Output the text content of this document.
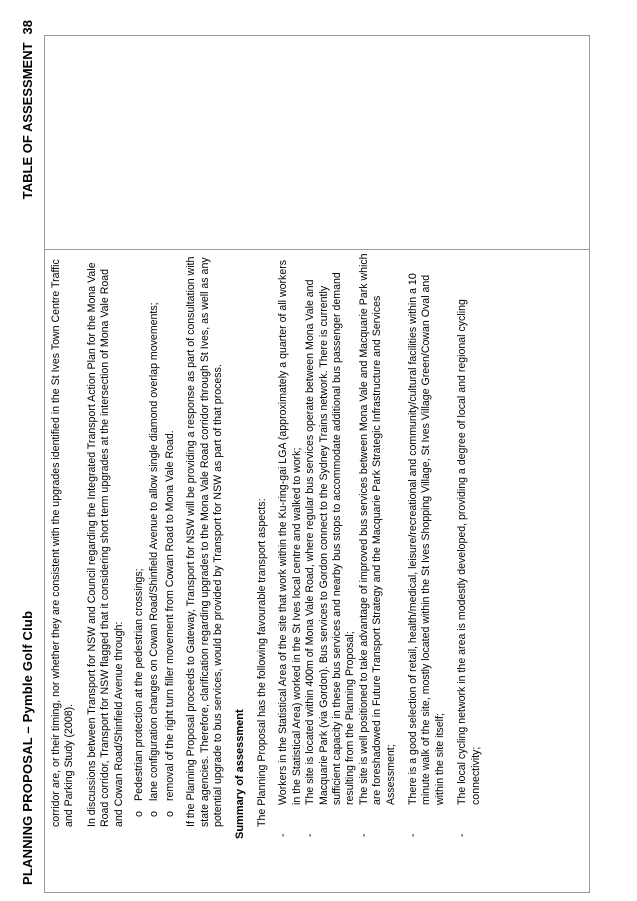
PLANNING PROPOSAL – Pymble Golf Club
TABLE OF ASSESSMENT38

corridor are, or their timing, nor whether they are consistent with the upgrades identified in the St Ives Town Centre Traffic and Parking Study (2008). In discussions between Transport for NSW and Council regarding the Integrated Transport Action Plan for the Mona Vale Road corridor, Transport for NSW flagged that it considering short term upgrades at the intersection of Mona Vale Road and Cowan Road/Shinfield Avenue through: o
Pedestrian protection at the pedestrian crossings;
o
lane configuration changes on Cowan Road/Shinfield Avenue to allow single diamond overlap movements;
o
removal of the right turn filler movement from Cowan Road to Mona Vale Road. If the Planning Proposal proceeds to Gateway, Transport for NSW will be providing a response as part of consultation with state agencies. Therefore, clarification regarding upgrades to the Mona Vale Road corridor through St Ives, as well as any potential upgrade to bus services, would be provided by Transport for NSW as part of that process. Summary of assessment The Planning Proposal has the following favourable transport aspects:

-
Workers in the Statistical Area of the site that work within the Ku-ring-gai LGA (approximately a quarter of all workers in the Statistical Area) worked in the St Ives local centre and walked to work;
-
The site is located within 400m of Mona Vale Road, where regular bus services operate between Mona Vale and Macquarie Park (via Gordon). Bus services to Gordon connect to the Sydney Trains network. There is currently sufficient capacity in these bus services and nearby bus stops to accommodate additional bus passenger demand resulting from the Planning Proposal;
-
The site is well positioned to take advantage of improved bus services between Mona Vale and Macquarie Park which are foreshadowed in Future Transport Strategy and the Macquarie Park Strategic Infrastructure and Services Assessment;
-
There is a good selection of retail, health/medical, leisure/recreational and community/cultural facilities within a 10 minute walk of the site, mostly located within the St Ives Shopping Village, St Ives Village Green/Cowan Oval and within the site itself;
-
The local cycling network in the area is modestly developed, providing a degree of local and regional cycling connectivity;
